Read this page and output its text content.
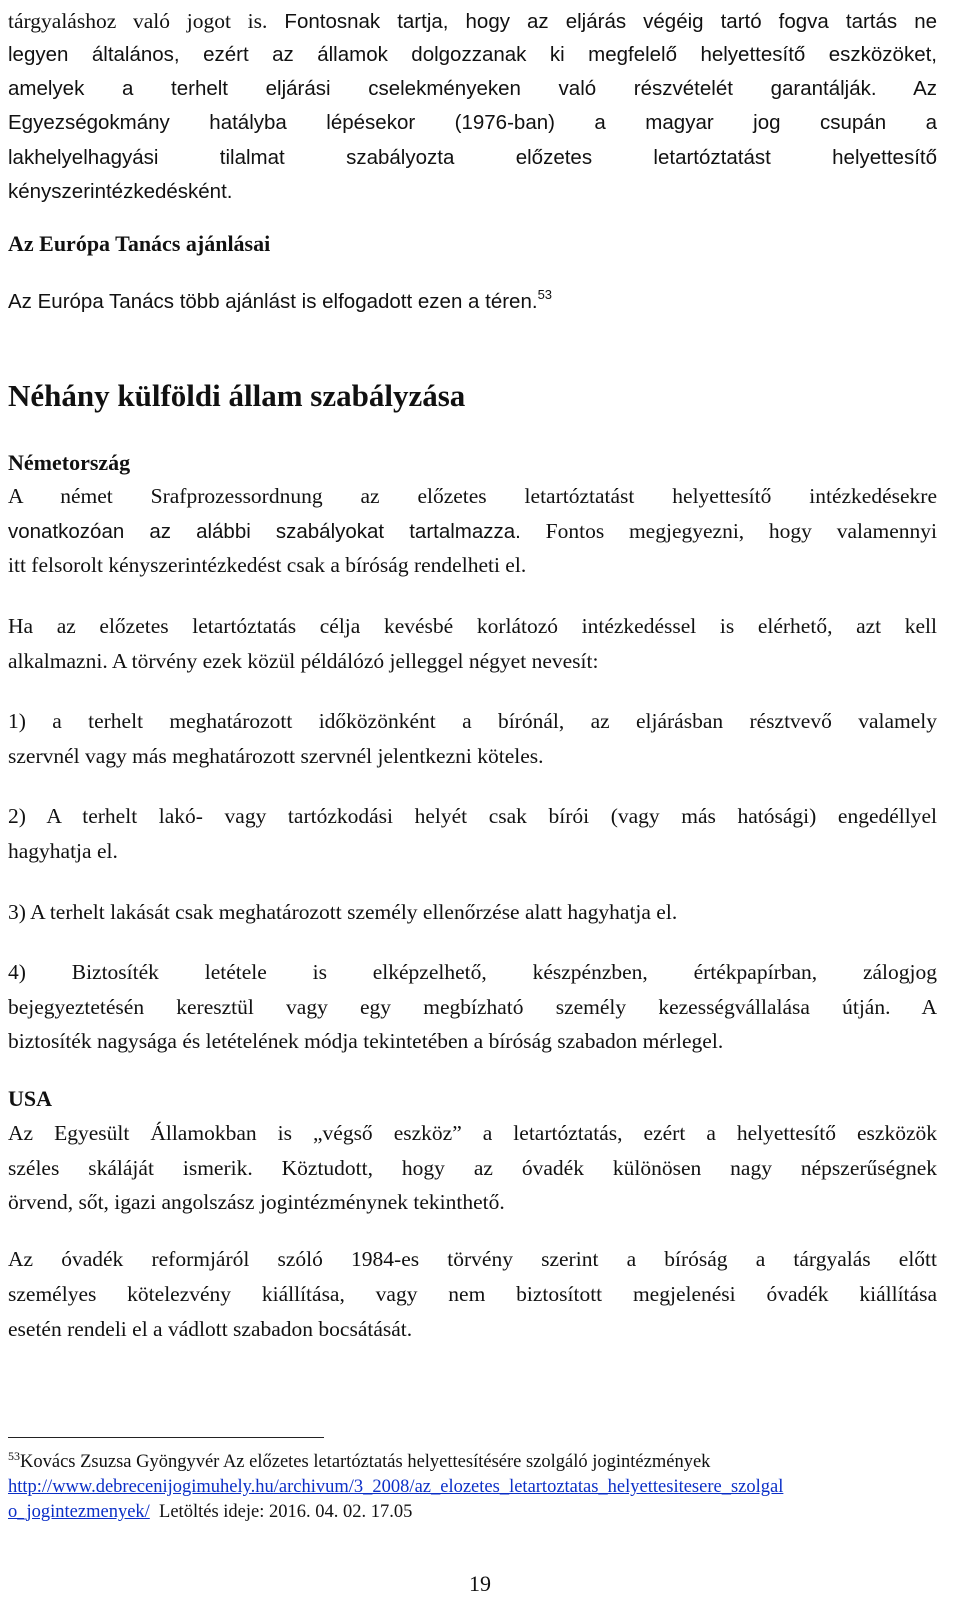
tárgyaláshoz való jogot is. Fontosnak tartja, hogy az eljárás végéig tartó fogva tartás ne

legyen általános, ezért az államok dolgozzanak ki megfelelő helyettesítő eszközöket,

amelyek a terhelt eljárási cselekményeken való részvételét garantálják. Az

Egyezségokmány hatályba lépésekor (1976-ban) a magyar jog csupán a

lakhelyelhagyási tilalmat szabályozta előzetes letartóztatást helyettesítő

kényszerintézkedésként.

Az Európa Tanács ajánlásai

Az Európa Tanács több ajánlást is elfogadott ezen a téren.$^{53}$

Néhány külföldi állam szabályzása
Németország

A német Srafprozessordnung az előzetes letartóztatást helyettesítő intézkedésekre

vonatkozóan az alábbi szabályokat tartalmazza. Fontos megjegyezni, hogy valamennyi

itt felsorolt kényszerintézkedést csak a bíróság rendelheti el.

Ha az előzetes letartóztatás célja kevésbé korlátozó intézkedéssel is elérhető, azt kell

alkalmazni. A törvény ezek közül példálózó jelleggel négyet nevesít:

1) a terhelt meghatározott időközönként a bírónál, az eljárásban résztvevő valamely

szervnél vagy más meghatározott szervnél jelentkezni köteles.

2) A terhelt lakó- vagy tartózkodási helyét csak bírói (vagy más hatósági) engedéllyel

hagyhatja el.

3) A terhelt lakását csak meghatározott személy ellenőrzése alatt hagyhatja el.

4) Biztosíték letétele is elképzelhető, készpénzben, értékpapírban, zálogjog

bejegyeztetésén keresztül vagy egy megbízható személy kezességvállalása útján. A

biztosíték nagysága és letételének módja tekintetében a bíróság szabadon mérlegel.

USA

Az Egyesült Államokban is „végső eszköz” a letartóztatás, ezért a helyettesítő eszközök

széles skáláját ismerik. Köztudott, hogy az óvadék különösen nagy népszerűségnek

örvend, sőt, igazi angolszász jogintézménynek tekinthető.

Az óvadék reformjáról szóló 1984-es törvény szerint a bíróság a tárgyalás előtt

személyes kötelezvény kiállítása, vagy nem biztosított megjelenési óvadék kiállítása

esetén rendeli el a vádlott szabadon bocsátását.

$^{53}$Kovács Zsuzsa Gyöngyvér Az előzetes letartóztatás helyettesítésére szolgáló jogintézmények

http://www.debrecenijogimuhely.hu/archivum/3_2008/az_elozetes_letartoztatas_helyettesitesere_szolgal

o_jogintezmenyek/  Letöltés ideje: 2016. 04. 02. 17.05

19
